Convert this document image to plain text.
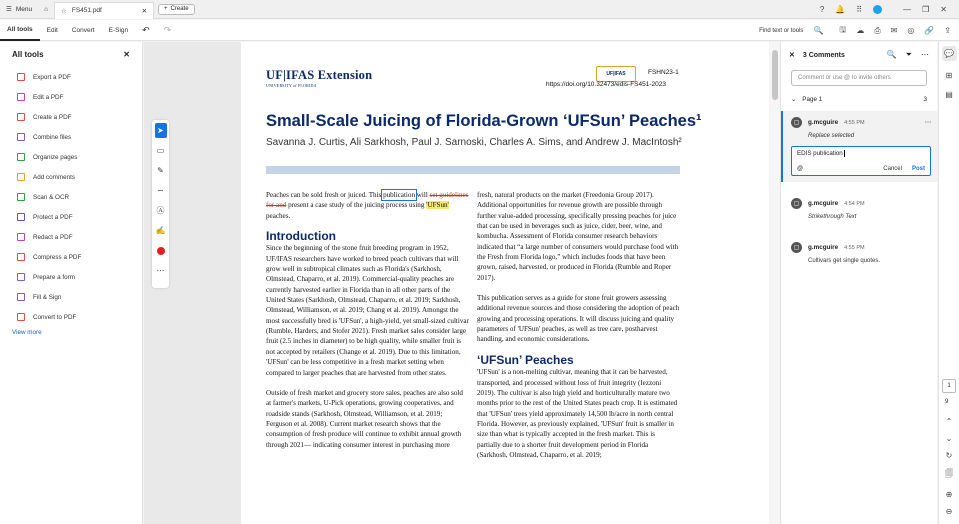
☰ Menu ⌂ ☆ FS451.pdf	✕	+ Create	? 🔔 ⠿	— ❐ ✕
All tools	Edit	Convert	E-Sign	↶	↷	Find text or tools 🔍 🖫 ☁ ⎙ ✉ ◎ 🔗 ⇪
All tools	✕
Export a PDF
Edit a PDF
Create a PDF
Combine files
Organize pages
Add comments
Scan & OCR
Protect a PDF
Redact a PDF
Compress a PDF
Prepare a form
Fill & Sign
Convert to PDF
View more
➤
▭
✎
∽
Ⓐ
✍
⋯
UF|IFAS Extension
UNIVERSITY of FLORIDA
UF|IFAS	FSHN23-1
https://doi.org/10.32473/edis-FS451-2023
Small-Scale Juicing of Florida-Grown ‘UFSun’ Peaches¹
Savanna J. Curtis, Ali Sarkhosh, Paul J. Sarnoski, Charles A. Sims, and Andrew J. MacIntosh²

Peaches can be sold fresh or juiced. This publication will set guidelines for and present a case study of the juicing process using 'UFSun' peaches.

Introduction

Since the beginning of the stone fruit breeding program in 1952, UF/IFAS researchers have worked to breed peach cultivars that will grow well in subtropical climates such as Florida's (Sarkhosh, Olmstead, Chaparro, et al. 2019). Commercial-quality peaches are currently harvested earlier in Florida than in all other parts of the United States (Sarkhosh, Olmstead, Chaparro, et al. 2019; Sarkhosh, Olmstead, Williamson, et al. 2019; Chang et al. 2019). Amongst the most successfully bred is 'UFSun', a high-yield, yet small-sized cultivar (Rumble, Harders, and Stofer 2021). Fresh market sales consider large fruit (2.5 inches in diameter) to be high quality, while smaller fruit is not accepted by retailers (Change et al. 2019). Due to this limitation, 'UFSun' can be less competitive in a fresh market setting when compared to larger peaches that are harvested from other states.

Outside of fresh market and grocery store sales, peaches are also sold at farmer's markets, U-Pick operations, growing cooperatives, and roadside stands (Sarkhosh, Olmstead, Williamson, et al. 2019; Ferguson et al. 2008). Current market research shows that the consumption of fresh produce will continue to exhibit annual growth through 2021— indicating consumer interest in purchasing more

fresh, natural products on the market (Freedonia Group 2017). Additional opportunities for revenue growth are possible through further value-added processing, specifically pressing peaches for juice that can be used in beverages such as juice, cider, beer, wine, and kombucha. Assessment of Florida consumer research behaviors indicated that “a large number of consumers would purchase food with the Fresh from Florida logo,” which includes foods that have been grown, raised, harvested, or produced in Florida (Rumble and Roper 2017).

This publication serves as a guide for stone fruit growers assessing additional revenue sources and those considering the adoption of peach growing and processing operations. It will discuss juicing and quality parameters of 'UFSun' peaches, as well as tree care, postharvest handling, and economic considerations.

‘UFSun’ Peaches

'UFSun' is a non-melting cultivar, meaning that it can be harvested, transported, and processed without loss of fruit integrity (Iezzoni 2019). The cultivar is also high yield and horticulturally mature two months prior to the rest of the United States peach crop. It is estimated that 'UFSun' trees yield approximately 14,500 lb/acre in north central Florida. However, as previously explained, 'UFSun' fruit is smaller in size than what is typically accepted in the fresh market. This is partially due to a shorter fruit development period in Florida (Sarkhosh, Olmstead, Chaparro, et al. 2019;

✕ 3 Comments	🔍 ⏷ ⋯
Comment or use @ to invite others
⌄ Page 1	3
▢	g.mcguire 4:55 PM	⋯
Replace selected
EDIS publication
@	Cancel Post
▢	g.mcguire 4:54 PM
Strikethrough Text
▢	g.mcguire 4:55 PM
Cultivars get single quotes.
💬
⊞
▤
1
9
⌃
⌄
↻
🗐
⊕
⊖
